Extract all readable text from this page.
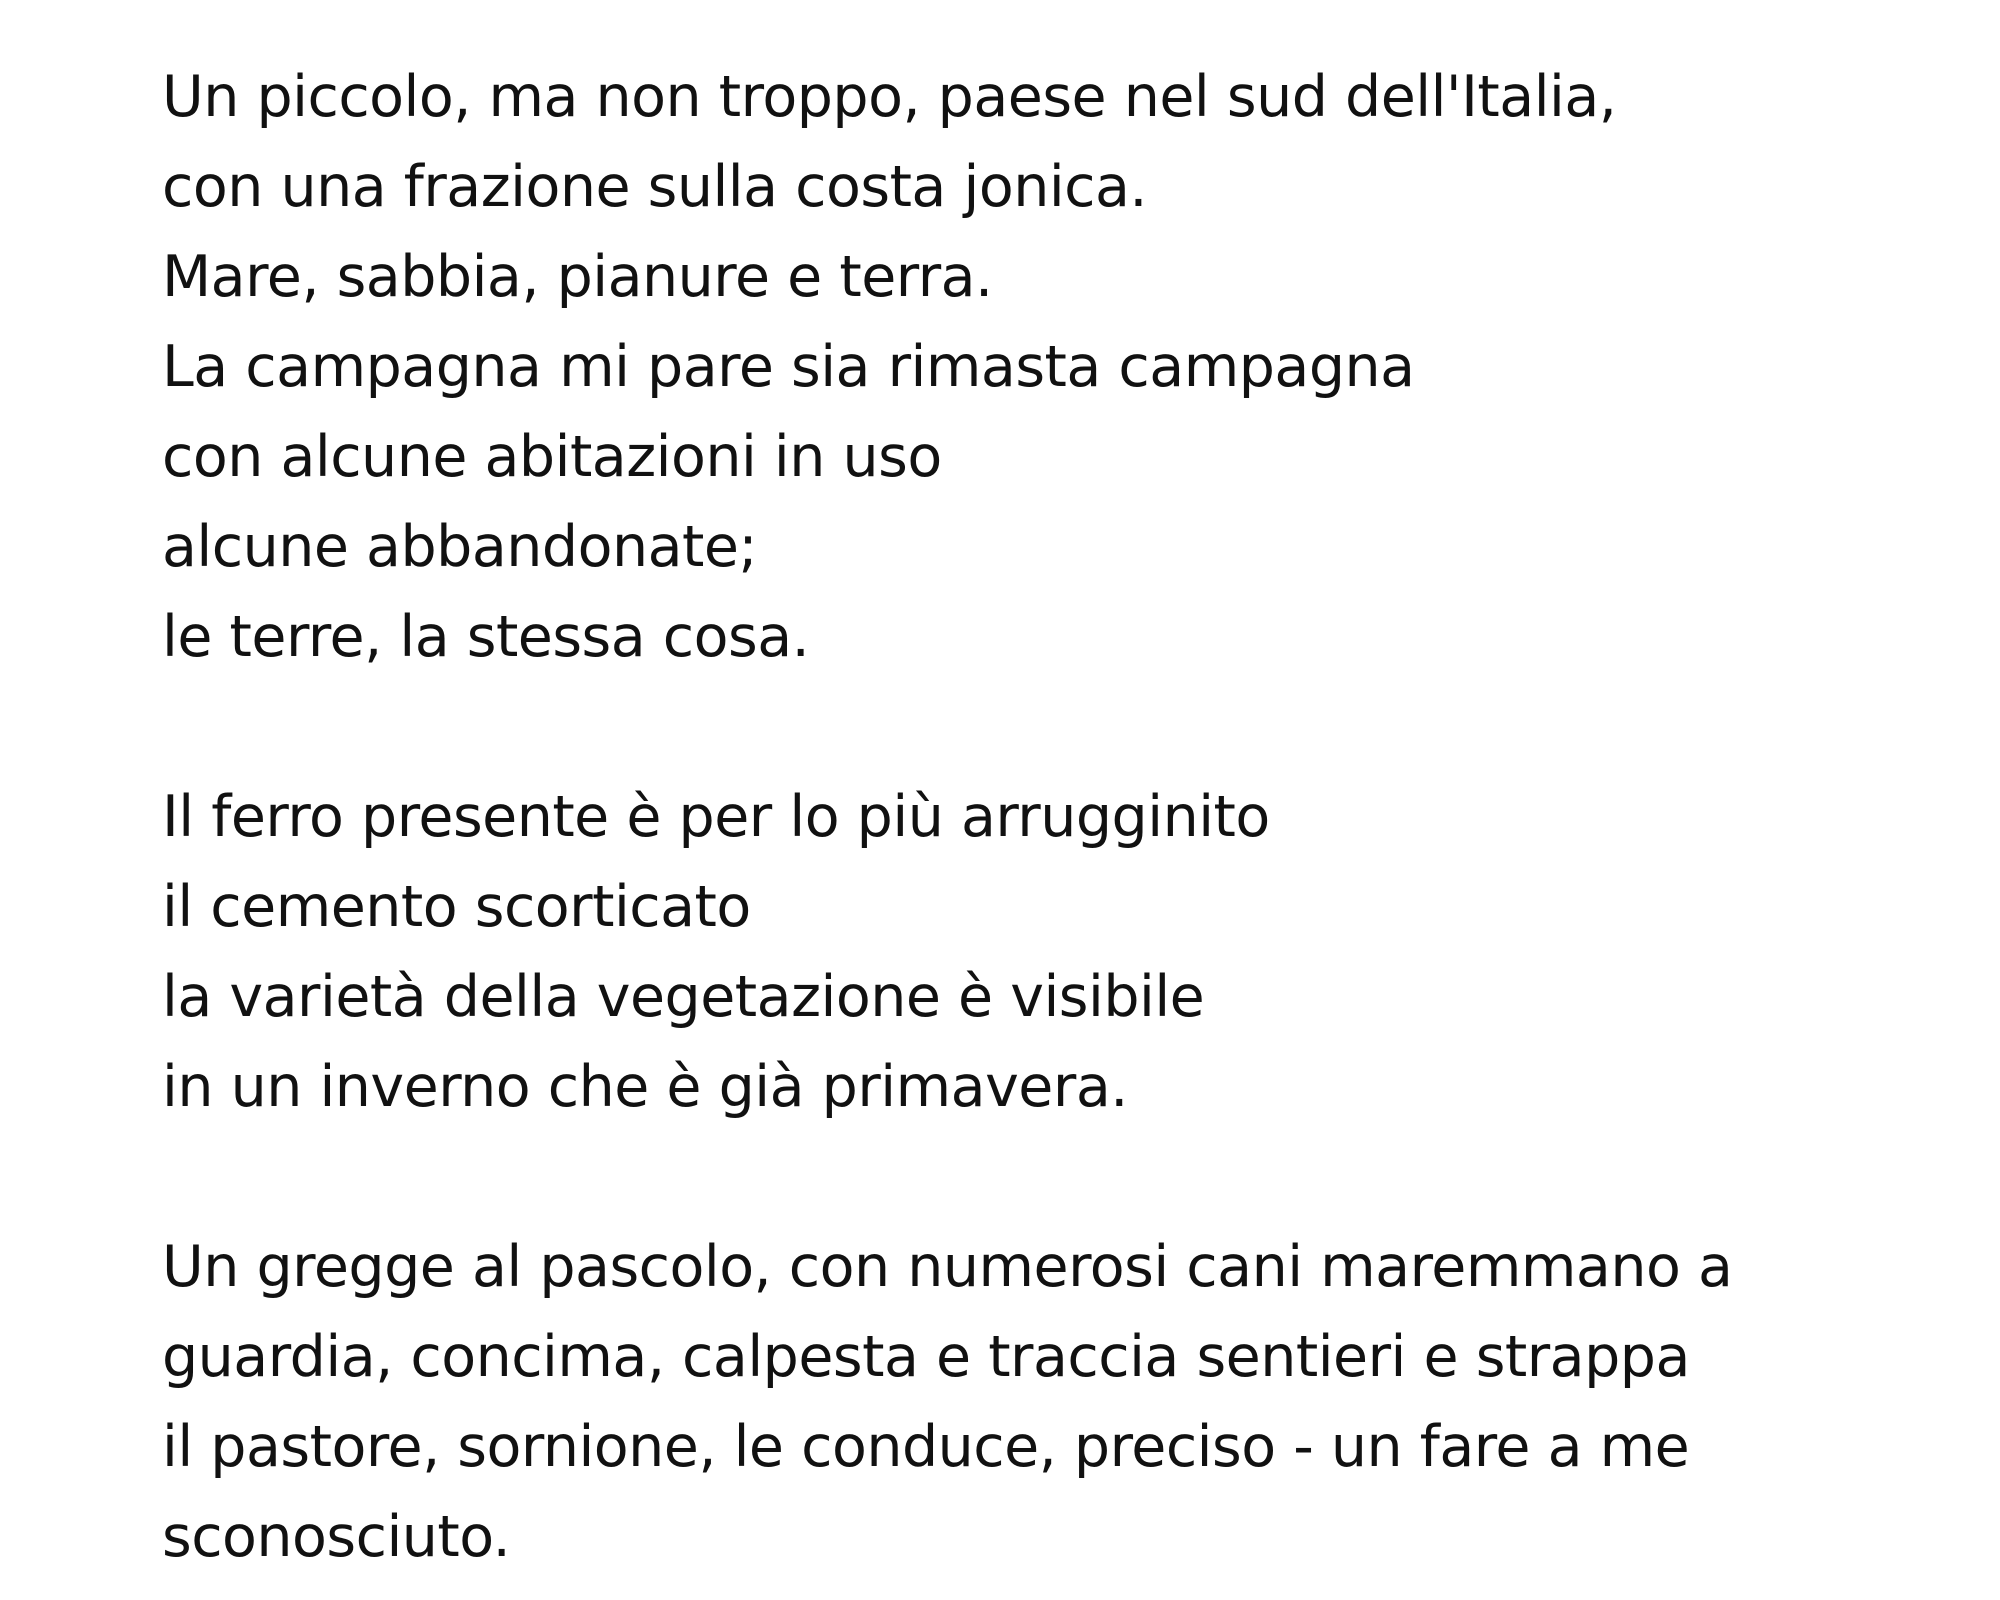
Un piccolo, ma non troppo, paese nel sud dell'Italia,
con una frazione sulla costa jonica.
Mare, sabbia, pianure e terra.
La campagna mi pare sia rimasta campagna
con alcune abitazioni in uso
alcune abbandonate;
le terre, la stessa cosa.
Il ferro presente è per lo più arrugginito
il cemento scorticato
la varietà della vegetazione è visibile
in un inverno che è già primavera.
Un gregge al pascolo, con numerosi cani maremmano a
guardia, concima, calpesta e traccia sentieri e strappa
il pastore, sornione, le conduce, preciso - un fare a me
sconosciuto.
